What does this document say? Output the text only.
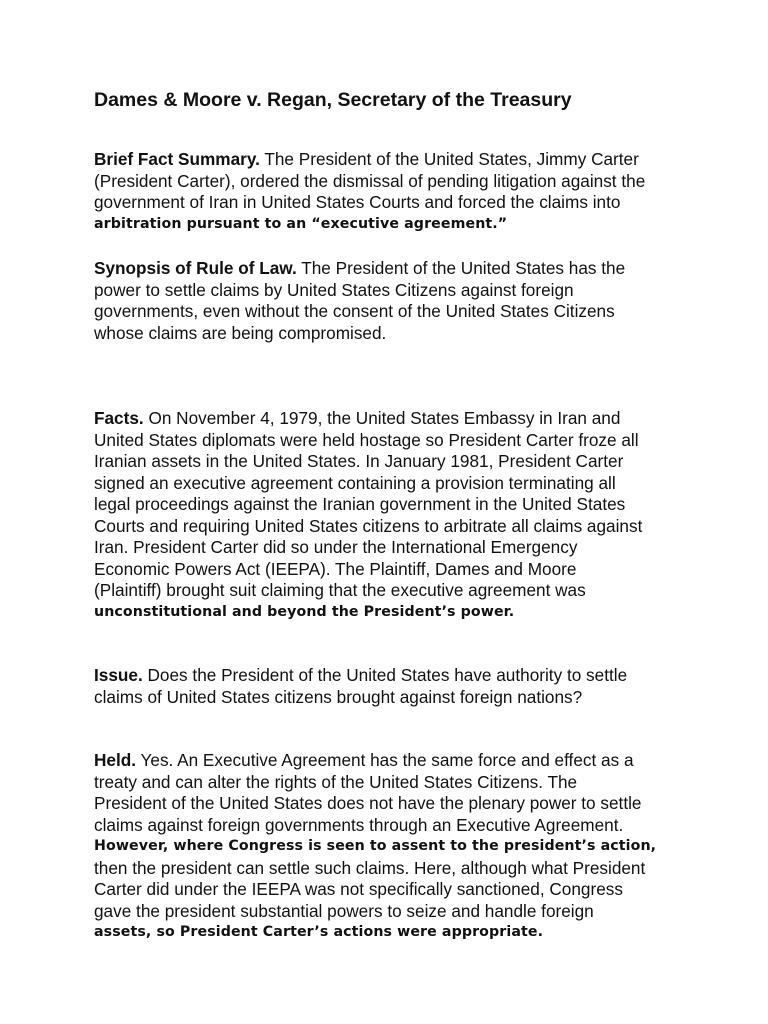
Dames & Moore v. Regan, Secretary of the Treasury

Brief Fact Summary. The President of the United States, Jimmy Carter
(President Carter), ordered the dismissal of pending litigation against the
government of Iran in United States Courts and forced the claims into
arbitration pursuant to an “executive agreement.”

Synopsis of Rule of Law. The President of the United States has the
power to settle claims by United States Citizens against foreign
governments, even without the consent of the United States Citizens
whose claims are being compromised.

Facts. On November 4, 1979, the United States Embassy in Iran and
United States diplomats were held hostage so President Carter froze all
Iranian assets in the United States. In January 1981, President Carter
signed an executive agreement containing a provision terminating all
legal proceedings against the Iranian government in the United States
Courts and requiring United States citizens to arbitrate all claims against
Iran. President Carter did so under the International Emergency
Economic Powers Act (IEEPA). The Plaintiff, Dames and Moore
(Plaintiff) brought suit claiming that the executive agreement was
unconstitutional and beyond the President’s power.

Issue. Does the President of the United States have authority to settle
claims of United States citizens brought against foreign nations?

Held. Yes. An Executive Agreement has the same force and effect as a
treaty and can alter the rights of the United States Citizens. The
President of the United States does not have the plenary power to settle
claims against foreign governments through an Executive Agreement.
However, where Congress is seen to assent to the president’s action,
then the president can settle such claims. Here, although what President
Carter did under the IEEPA was not specifically sanctioned, Congress
gave the president substantial powers to seize and handle foreign
assets, so President Carter’s actions were appropriate.
